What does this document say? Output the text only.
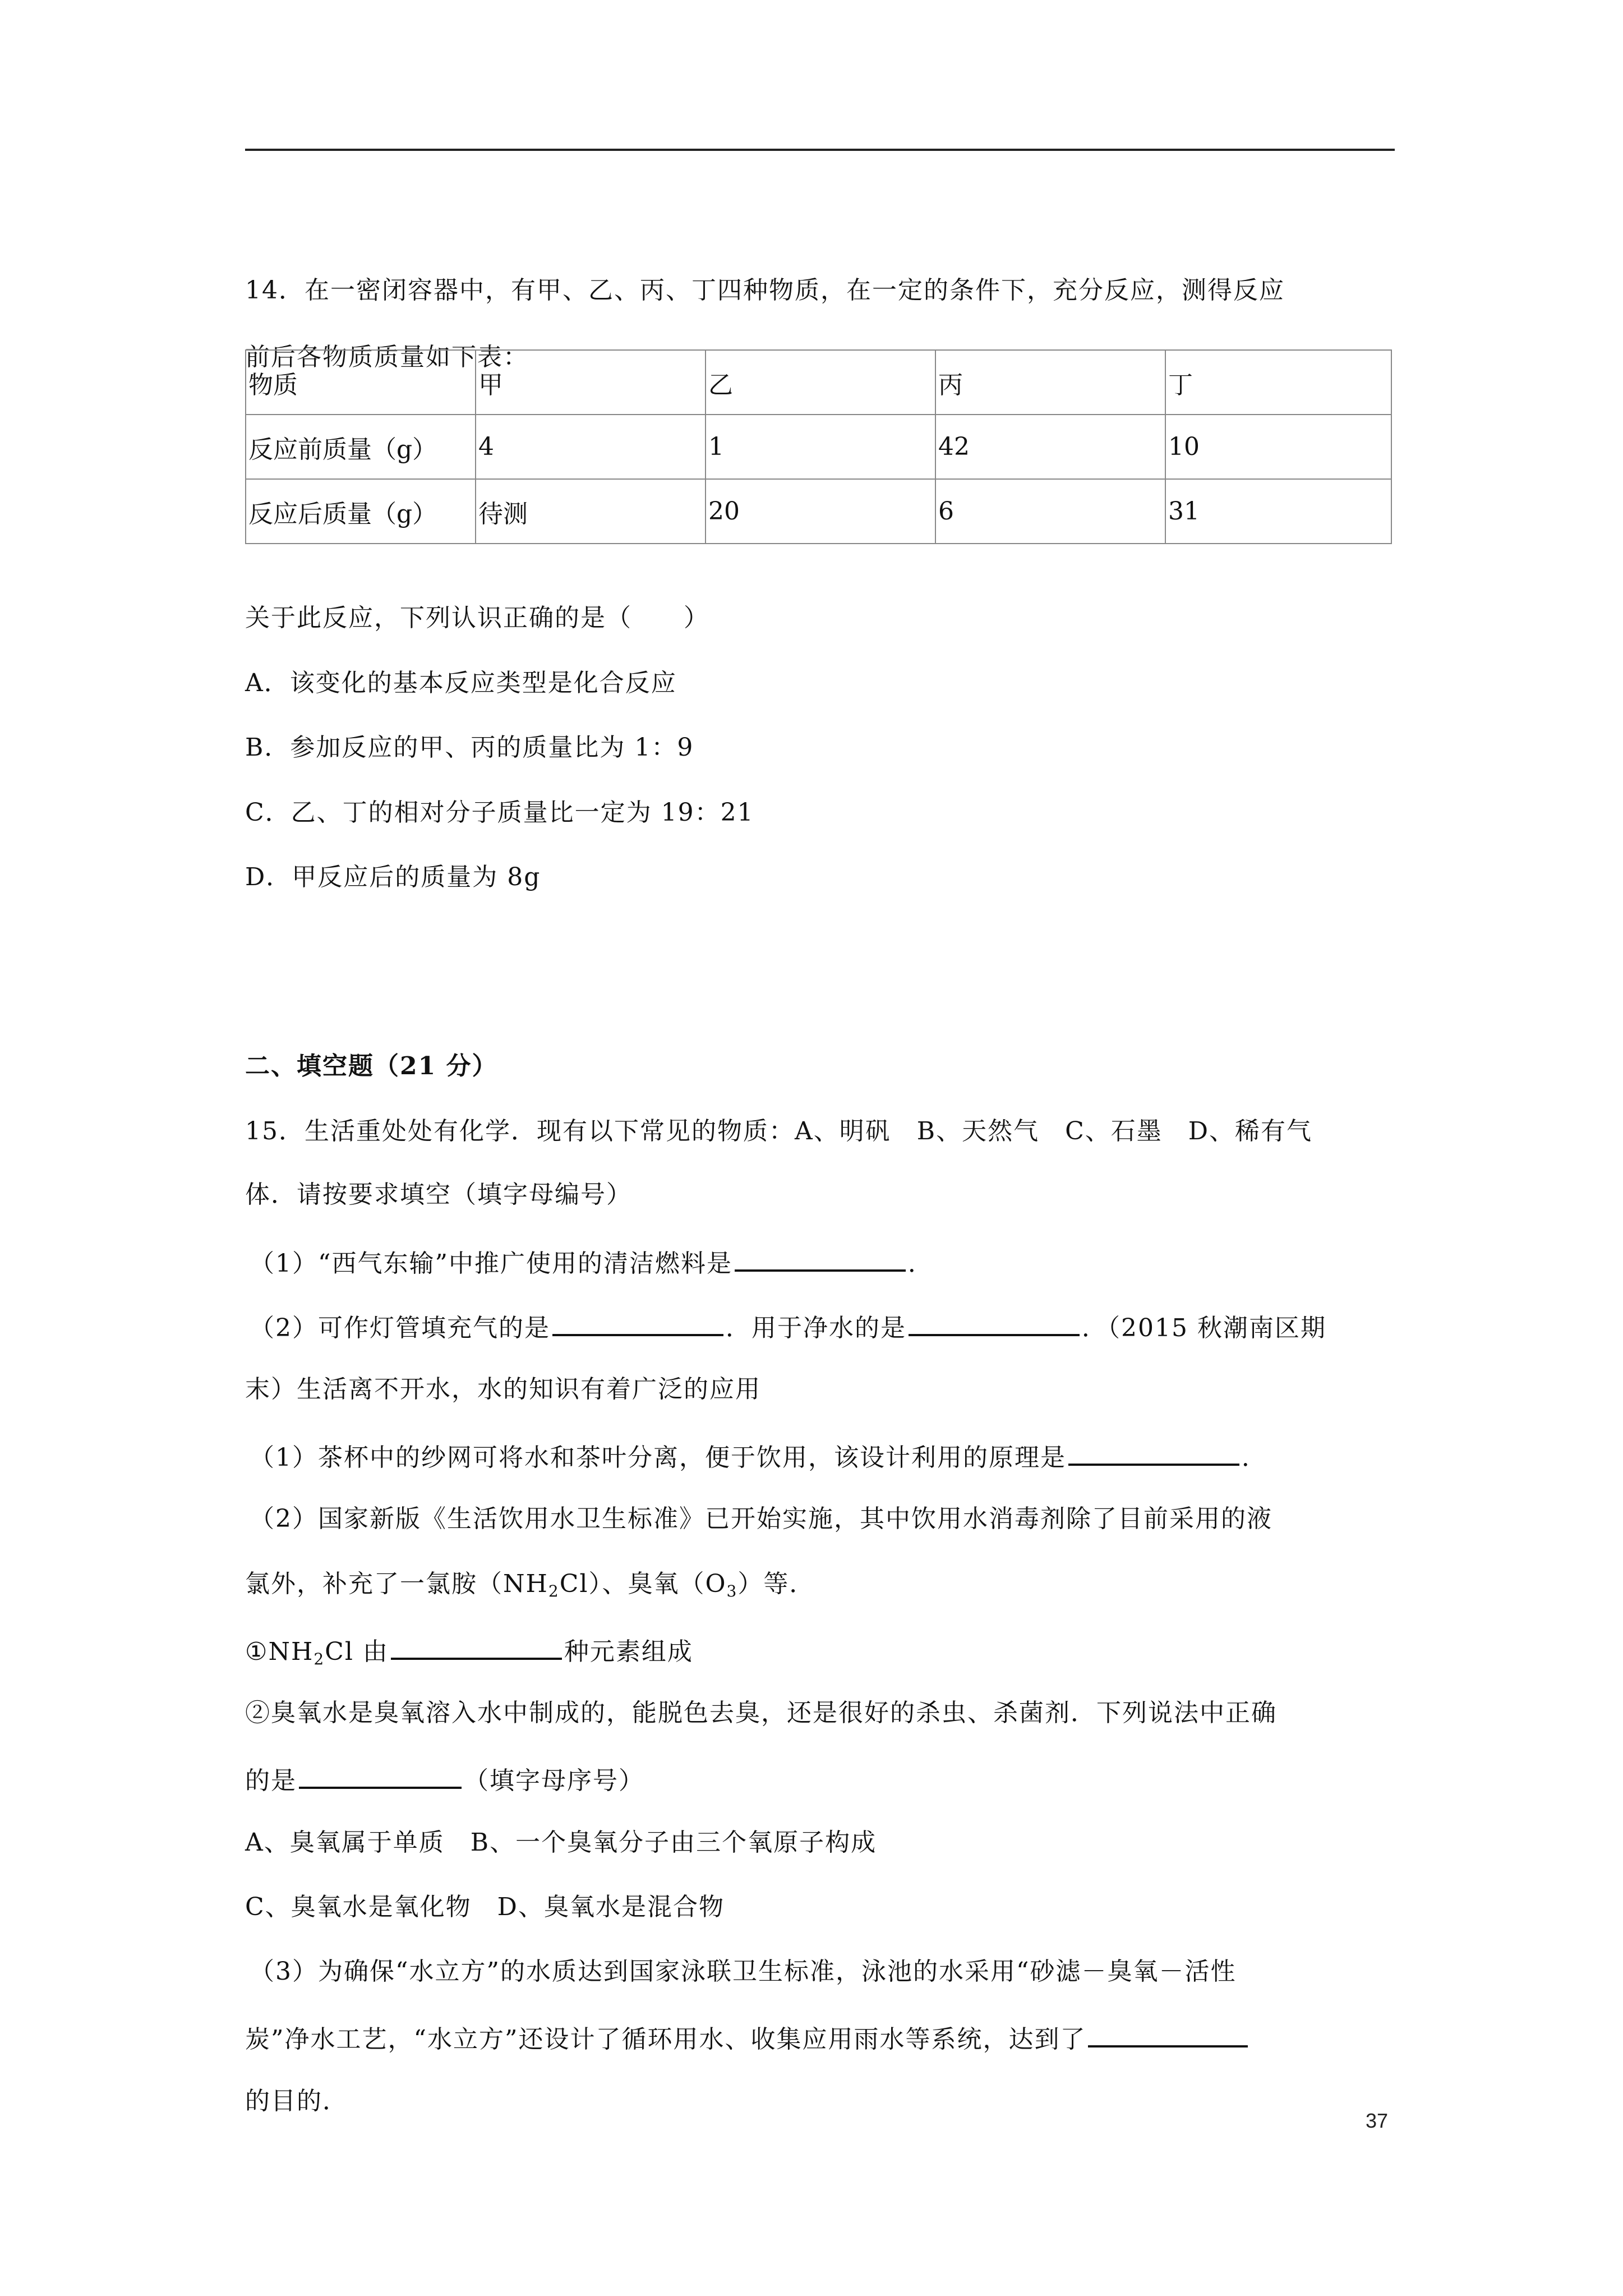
14．在一密闭容器中，有甲、乙、丙、丁四种物质，在一定的条件下，充分反应，测得反应
前后各物质质量如下表：
物质	甲	乙	丙	丁
反应前质量（g）	4	1	42	10
反应后质量（g）	待测	20	6	31
关于此反应，下列认识正确的是（　　）
A．该变化的基本反应类型是化合反应
B．参加反应的甲、丙的质量比为 1：9
C．乙、丁的相对分子质量比一定为 19：21
D．甲反应后的质量为 8g
二、填空题（21 分）
15．生活重处处有化学．现有以下常见的物质：A、明矾　B、天然气　C、石墨　D、稀有气
体．请按要求填空（填字母编号）
（1）“西气东输”中推广使用的清洁燃料是	．
（2）可作灯管填充气的是	．用于净水的是	．（2015 秋潮南区期
末）生活离不开水，水的知识有着广泛的应用
（1）茶杯中的纱网可将水和茶叶分离，便于饮用，该设计利用的原理是	．
（2）国家新版《生活饮用水卫生标准》已开始实施，其中饮用水消毒剂除了目前采用的液
氯外，补充了一氯胺$(NH_2Cl)$、臭氧$(O_3)$等．
$①NH_2Cl$ 由	种元素组成
②臭氧水是臭氧溶入水中制成的，能脱色去臭，还是很好的杀虫、杀菌剂．下列说法中正确
的是	（填字母序号）
A、臭氧属于单质　B、一个臭氧分子由三个氧原子构成
C、臭氧水是氧化物　D、臭氧水是混合物
（3）为确保“水立方”的水质达到国家泳联卫生标准，泳池的水采用“砂滤－臭氧－活性
炭”净水工艺，“水立方”还设计了循环用水、收集应用雨水等系统，达到了
的目的．
37
